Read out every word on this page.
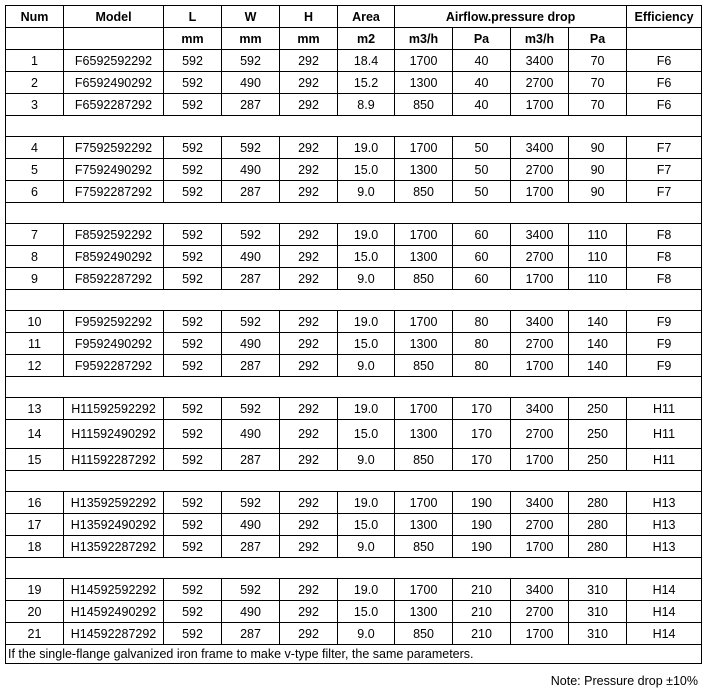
Num	Model	L	W	H	Area	Airflow.pressure drop				Efficiency
		mm	mm	mm	m2	m3/h	Pa	m3/h	Pa	
1	F6592592292	592	592	292	18.4	1700	40	3400	70	F6
2	F6592490292	592	490	292	15.2	1300	40	2700	70	F6
3	F6592287292	592	287	292	8.9	850	40	1700	70	F6

4	F7592592292	592	592	292	19.0	1700	50	3400	90	F7
5	F7592490292	592	490	292	15.0	1300	50	2700	90	F7
6	F7592287292	592	287	292	9.0	850	50	1700	90	F7

7	F8592592292	592	592	292	19.0	1700	60	3400	110	F8
8	F8592490292	592	490	292	15.0	1300	60	2700	110	F8
9	F8592287292	592	287	292	9.0	850	60	1700	110	F8

10	F9592592292	592	592	292	19.0	1700	80	3400	140	F9
11	F9592490292	592	490	292	15.0	1300	80	2700	140	F9
12	F9592287292	592	287	292	9.0	850	80	1700	140	F9

13	H11592592292	592	592	292	19.0	1700	170	3400	250	H11
14	H11592490292	592	490	292	15.0	1300	170	2700	250	H11
15	H11592287292	592	287	292	9.0	850	170	1700	250	H11

16	H13592592292	592	592	292	19.0	1700	190	3400	280	H13
17	H13592490292	592	490	292	15.0	1300	190	2700	280	H13
18	H13592287292	592	287	292	9.0	850	190	1700	280	H13

19	H14592592292	592	592	292	19.0	1700	210	3400	310	H14
20	H14592490292	592	490	292	15.0	1300	210	2700	310	H14
21	H14592287292	592	287	292	9.0	850	210	1700	310	H14
If the single-flange galvanized iron frame to make v-type filter, the same parameters.										
Note: Pressure drop ±10%
